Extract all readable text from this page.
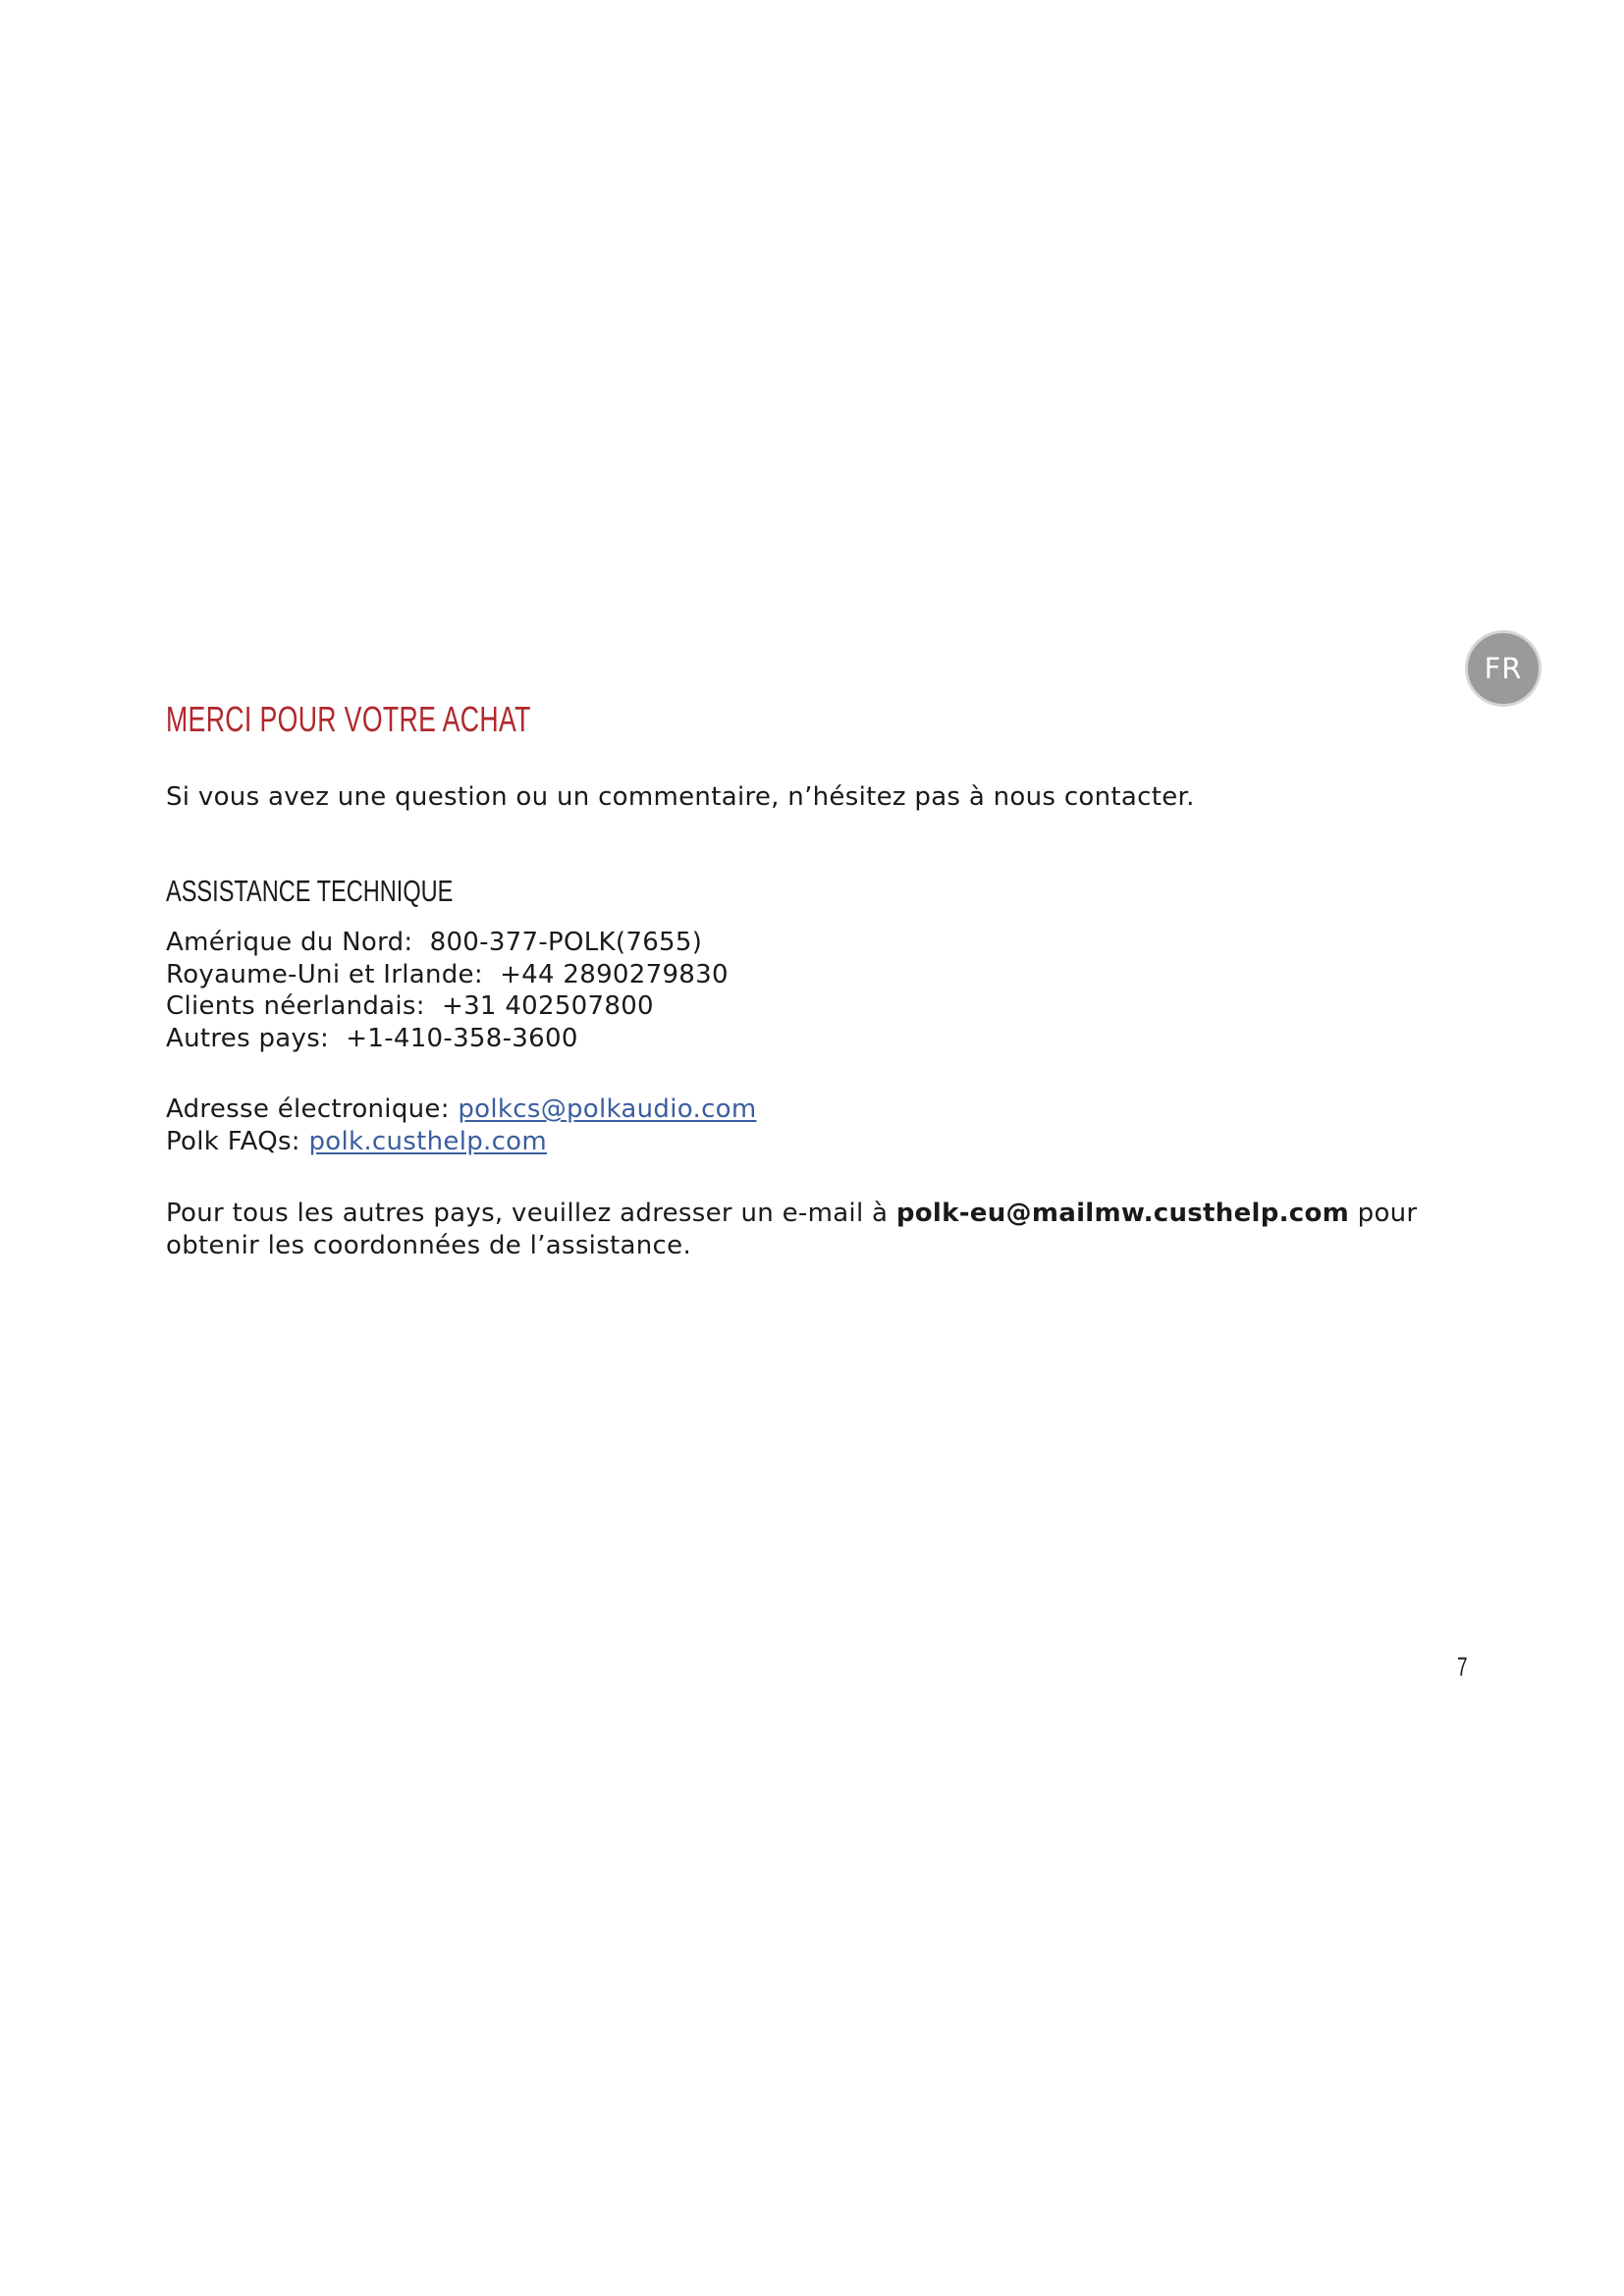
FR
MERCI POUR VOTRE ACHAT

Si vous avez une question ou un commentaire, n’hésitez pas à nous contacter.

ASSISTANCE TECHNIQUE
Amérique du Nord: 800-377-POLK(7655)
Royaume-Uni et Irlande: +44 2890279830
Clients néerlandais: +31 402507800
Autres pays: +1-410-358-3600
Adresse électronique: polkcs@polkaudio.com
Polk FAQs: polk.custhelp.com

Pour tous les autres pays, veuillez adresser un e-mail à polk-eu@mailmw.custhelp.com pour obtenir les coordonnées de l’assistance.

7
